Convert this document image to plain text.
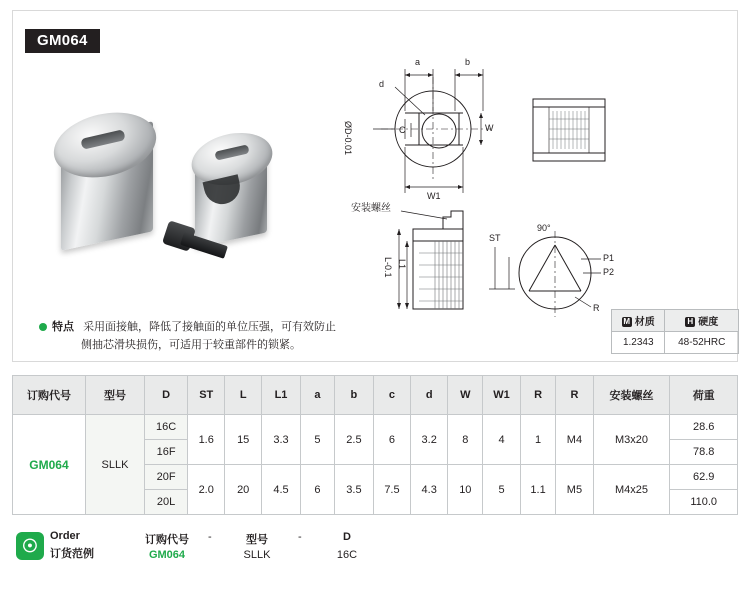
GM064
a	b
d
C	W
W1
ØD-0.01
L-0.1 L1
安装螺丝
ST
90°
P1
P2
R
特点 采用面接触，降低了接触面的单位压强，可有效防止
侧抽芯滑块损伤，可适用于较重部件的锁紧。
M 材质	H 硬度
1.2343	48-52HRC
订购代号	型号	D	ST	L	L1	a	b	c	d	W	W1	R	R	安装螺丝	荷重
GM064	SLLK	16C	1.6	15	3.3	5	2.5	6	3.2	8	4	1	M4	M3x20	28.6
		16F													78.8
		20F	2.0	20	4.5	6	3.5	7.5	4.3	10	5	1.1	M5	M4x25	62.9
		20L													110.0
☉	Order
订货范例
订购代号
GM064
-	型号
SLLK
-	D
16C
